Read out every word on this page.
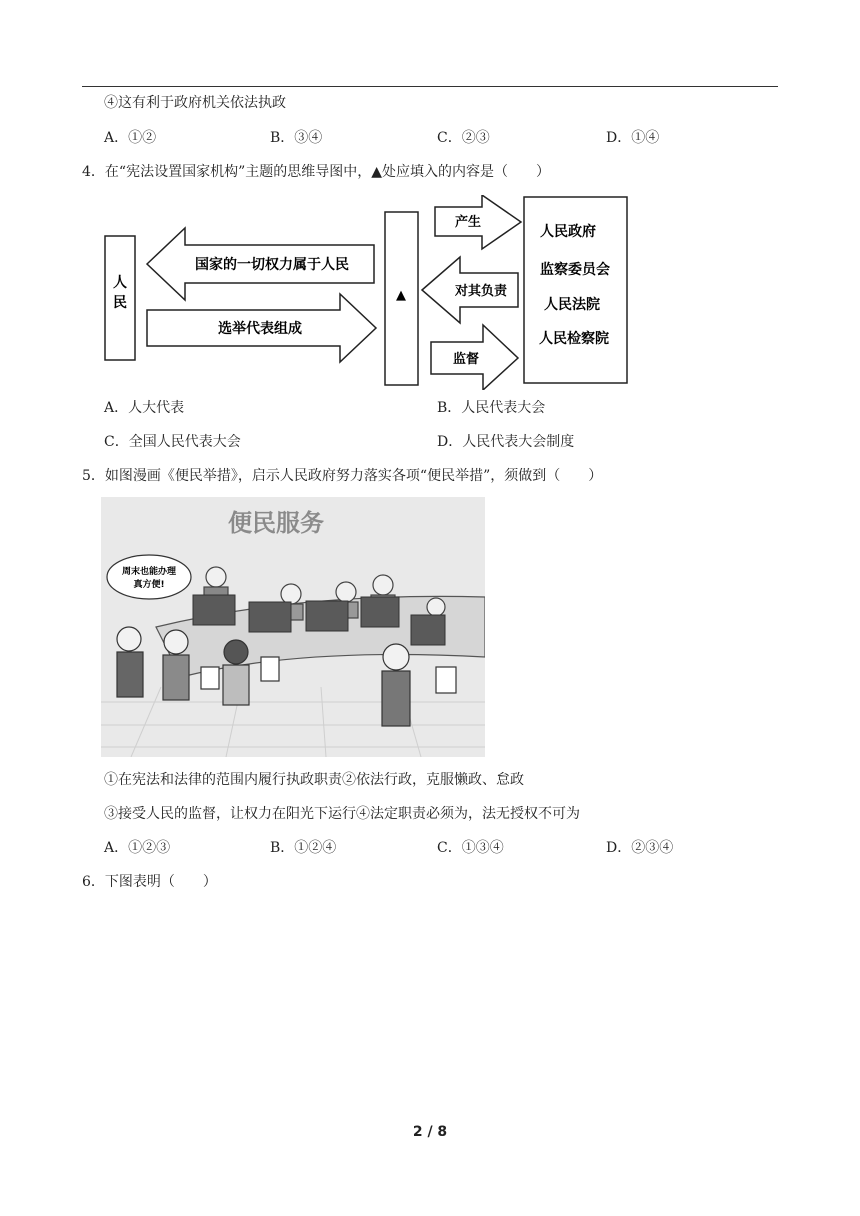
④这有利于政府机关依法执政
A．①②	B．③④	C．②③	D．①④
4．在“宪法设置国家机构”主题的思维导图中，▲处应填入的内容是（　　）
人
民
国家的一切权力属于人民
选举代表组成
▲
产生
对其负责
监督
人民政府
监察委员会
人民法院
人民检察院
A．人大代表	B．人民代表大会
C．全国人民代表大会	D．人民代表大会制度
5．如图漫画《便民举措》，启示人民政府努力落实各项“便民举措”，须做到（　　）
便民服务
周末也能办理
真方便!
①在宪法和法律的范围内履行执政职责②依法行政，克服懒政、怠政
③接受人民的监督，让权力在阳光下运行④法定职责必须为，法无授权不可为
A．①②③	B．①②④	C．①③④	D．②③④
6．下图表明（　　）
2 / 8
